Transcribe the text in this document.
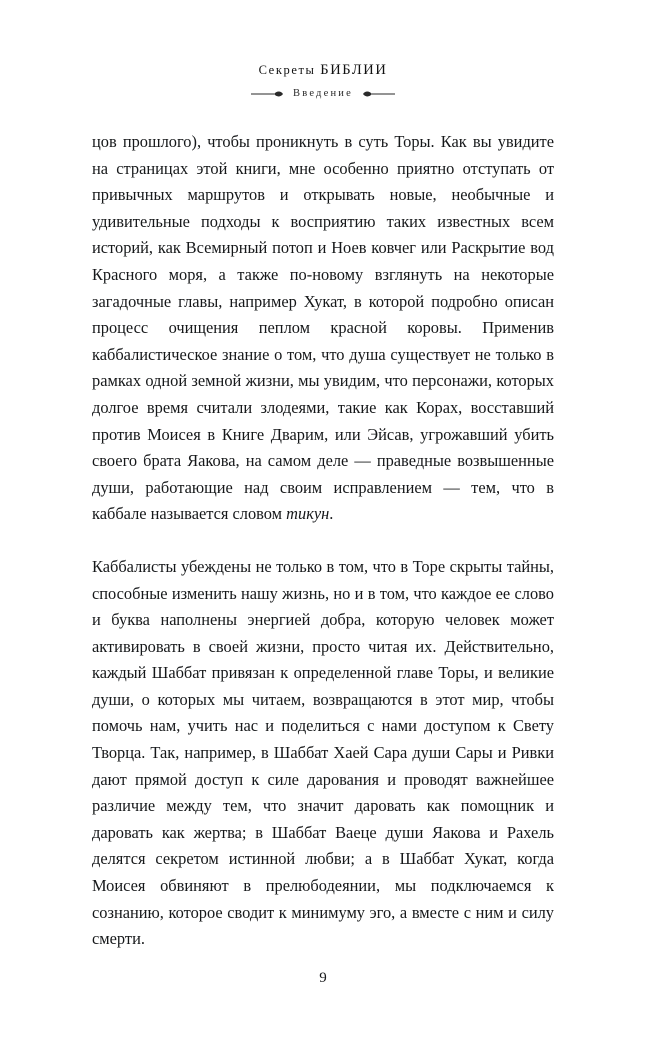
Секреты БИБЛИИ
Введение

цов прошлого), чтобы проникнуть в суть Торы. Как вы увидите на страницах этой книги, мне особенно приятно отступать от привычных маршрутов и открывать новые, необычные и удивительные подходы к восприятию таких известных всем историй, как Всемирный потоп и Ноев ковчег или Раскрытие вод Красного моря, а также по-новому взглянуть на некоторые загадочные главы, например Хукат, в которой подробно описан процесс очищения пеплом красной коровы. Применив каббалистическое знание о том, что душа существует не только в рамках одной земной жизни, мы увидим, что персонажи, которых долгое время считали злодеями, такие как Корах, восставший против Моисея в Книге Дварим, или Эйсав, угрожавший убить своего брата Яакова, на самом деле — праведные возвышенные души, работающие над своим исправлением — тем, что в каббале называется словом тикун.

Каббалисты убеждены не только в том, что в Торе скрыты тайны, способные изменить нашу жизнь, но и в том, что каждое ее слово и буква наполнены энергией добра, которую человек может активировать в своей жизни, просто читая их. Действительно, каждый Шаббат привязан к определенной главе Торы, и великие души, о которых мы читаем, возвращаются в этот мир, чтобы помочь нам, учить нас и поделиться с нами доступом к Свету Творца. Так, например, в Шаббат Хаей Сара души Сары и Ривки дают прямой доступ к силе дарования и проводят важнейшее различие между тем, что значит даровать как помощник и даровать как жертва; в Шаббат Ваеце души Яакова и Рахель делятся секретом истинной любви; а в Шаббат Хукат, когда Моисея обвиняют в прелюбодеянии, мы подключаемся к сознанию, которое сводит к минимуму эго, а вместе с ним и силу смерти.

9
